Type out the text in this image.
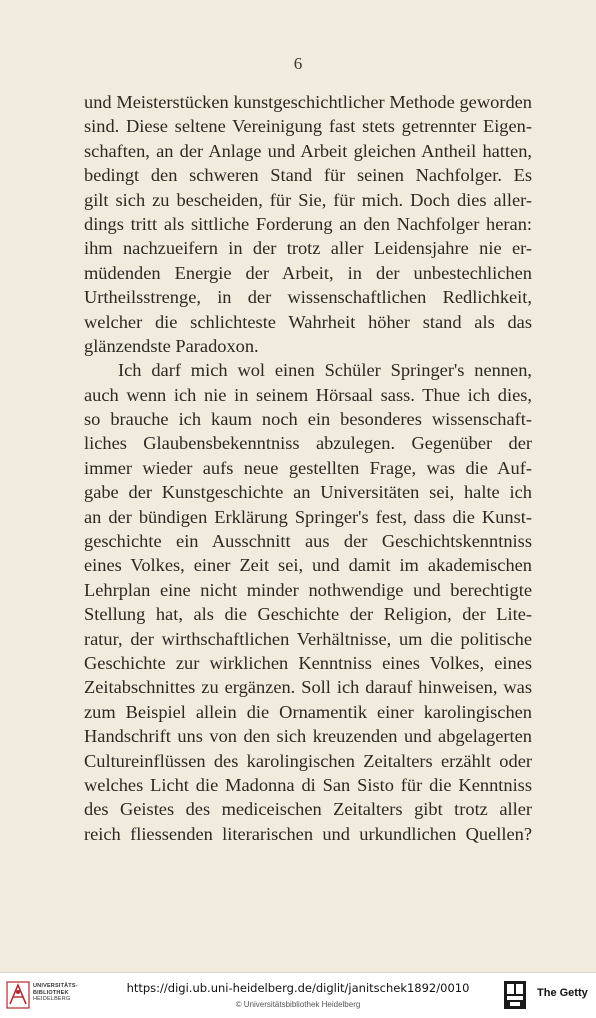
6
und Meisterstücken kunstgeschichtlicher Methode geworden
sind. Diese seltene Vereinigung fast stets getrennter Eigen-
schaften, an der Anlage und Arbeit gleichen Antheil hatten,
bedingt den schweren Stand für seinen Nachfolger. Es
gilt sich zu bescheiden, für Sie, für mich. Doch dies aller-
dings tritt als sittliche Forderung an den Nachfolger heran:
ihm nachzueifern in der trotz aller Leidensjahre nie er-
müdenden Energie der Arbeit, in der unbestechlichen
Urtheilsstrenge, in der wissenschaftlichen Redlichkeit,
welcher die schlichteste Wahrheit höher stand als das
glänzendste Paradoxon.
Ich darf mich wol einen Schüler Springer's nennen,
auch wenn ich nie in seinem Hörsaal sass. Thue ich dies,
so brauche ich kaum noch ein besonderes wissenschaft-
liches Glaubensbekenntniss abzulegen. Gegenüber der
immer wieder aufs neue gestellten Frage, was die Auf-
gabe der Kunstgeschichte an Universitäten sei, halte ich
an der bündigen Erklärung Springer's fest, dass die Kunst-
geschichte ein Ausschnitt aus der Geschichtskenntniss
eines Volkes, einer Zeit sei, und damit im akademischen
Lehrplan eine nicht minder nothwendige und berechtigte
Stellung hat, als die Geschichte der Religion, der Lite-
ratur, der wirthschaftlichen Verhältnisse, um die politische
Geschichte zur wirklichen Kenntniss eines Volkes, eines
Zeitabschnittes zu ergänzen. Soll ich darauf hinweisen, was
zum Beispiel allein die Ornamentik einer karolingischen
Handschrift uns von den sich kreuzenden und abgelagerten
Cultureinflüssen des karolingischen Zeitalters erzählt oder
welches Licht die Madonna di San Sisto für die Kenntniss
des Geistes des mediceischen Zeitalters gibt trotz aller
reich fliessenden literarischen und urkundlichen Quellen?
UNIVERSITÄTS-
BIBLIOTHEK
HEIDELBERG
https://digi.ub.uni-heidelberg.de/diglit/janitschek1892/0010
© Universitätsbibliothek Heidelberg
The Getty
